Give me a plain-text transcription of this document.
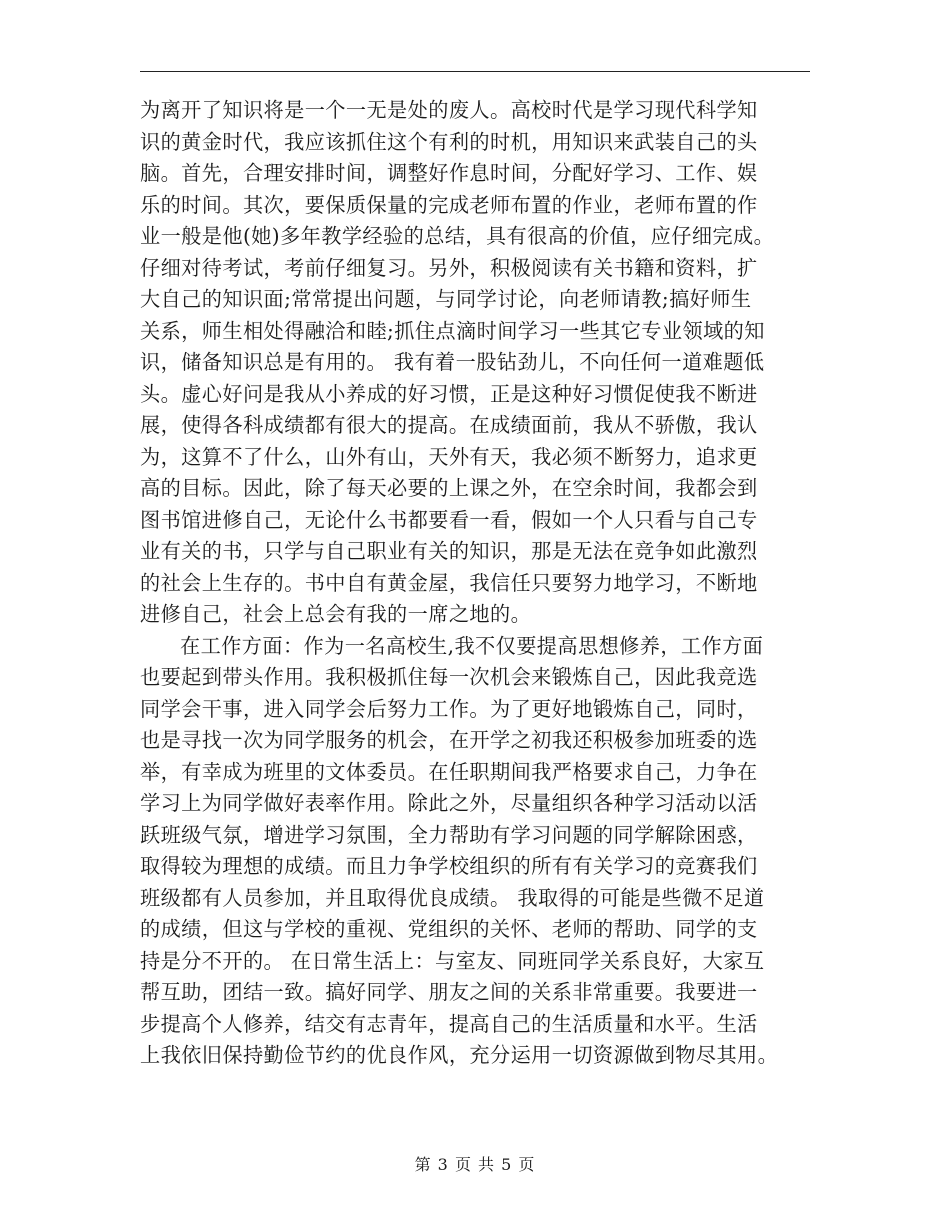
为离开了知识将是一个一无是处的废人。高校时代是学习现代科学知
识的黄金时代，我应该抓住这个有利的时机，用知识来武装自己的头
脑。首先，合理安排时间，调整好作息时间，分配好学习、工作、娱
乐的时间。其次，要保质保量的完成老师布置的作业，老师布置的作
业一般是他(她)多年教学经验的总结，具有很高的价值，应仔细完成。
仔细对待考试，考前仔细复习。另外，积极阅读有关书籍和资料，扩
大自己的知识面;常常提出问题，与同学讨论，向老师请教;搞好师生
关系，师生相处得融洽和睦;抓住点滴时间学习一些其它专业领域的知
识，储备知识总是有用的。 我有着一股钻劲儿，不向任何一道难题低
头。虚心好问是我从小养成的好习惯，正是这种好习惯促使我不断进
展，使得各科成绩都有很大的提高。在成绩面前，我从不骄傲，我认
为，这算不了什么，山外有山，天外有天，我必须不断努力，追求更
高的目标。因此，除了每天必要的上课之外，在空余时间，我都会到
图书馆进修自己，无论什么书都要看一看，假如一个人只看与自己专
业有关的书，只学与自己职业有关的知识，那是无法在竞争如此激烈
的社会上生存的。书中自有黄金屋，我信任只要努力地学习，不断地
进修自己，社会上总会有我的一席之地的。
在工作方面：作为一名高校生,我不仅要提高思想修养，工作方面
也要起到带头作用。我积极抓住每一次机会来锻炼自己，因此我竞选
同学会干事，进入同学会后努力工作。为了更好地锻炼自己，同时，
也是寻找一次为同学服务的机会，在开学之初我还积极参加班委的选
举，有幸成为班里的文体委员。在任职期间我严格要求自己，力争在
学习上为同学做好表率作用。除此之外，尽量组织各种学习活动以活
跃班级气氛，增进学习氛围，全力帮助有学习问题的同学解除困惑，
取得较为理想的成绩。而且力争学校组织的所有有关学习的竞赛我们
班级都有人员参加，并且取得优良成绩。 我取得的可能是些微不足道
的成绩，但这与学校的重视、党组织的关怀、老师的帮助、同学的支
持是分不开的。 在日常生活上：与室友、同班同学关系良好，大家互
帮互助，团结一致。搞好同学、朋友之间的关系非常重要。我要进一
步提高个人修养，结交有志青年，提高自己的生活质量和水平。生活
上我依旧保持勤俭节约的优良作风，充分运用一切资源做到物尽其用。
第 3 页 共 5 页
